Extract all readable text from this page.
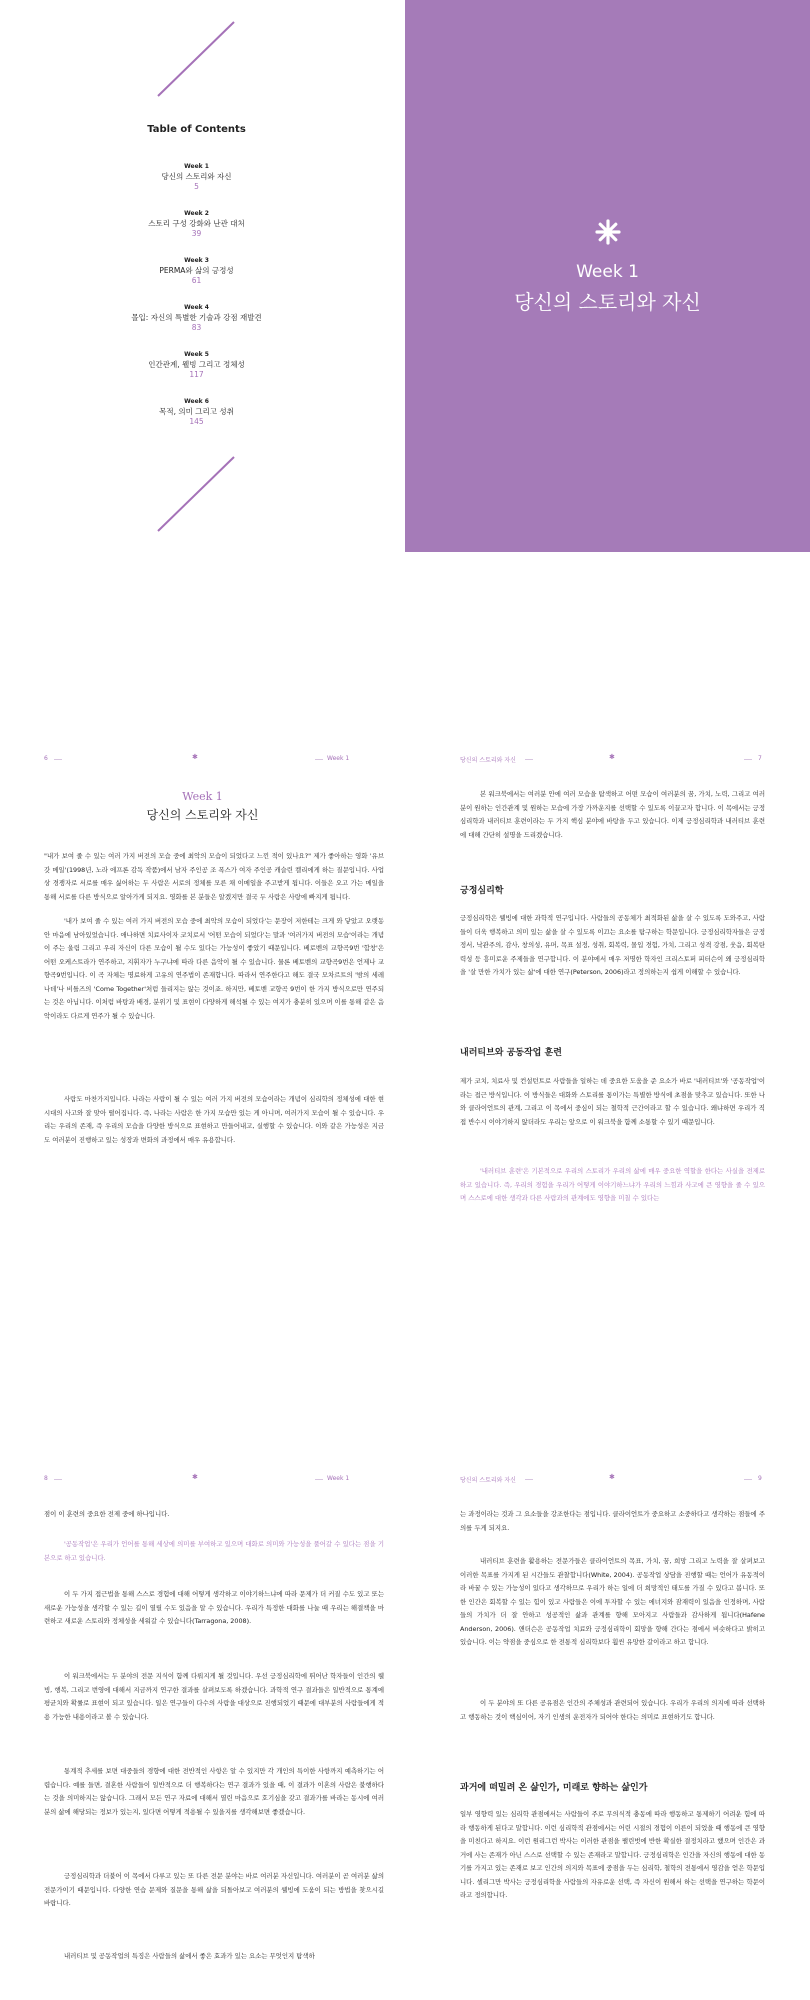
Table of Contents
Week 1
당신의 스토리와 자신
5
Week 2
스토리 구성 강화와 난관 대처
39
Week 3
PERMA와 삶의 긍정성
61
Week 4
몰입: 자신의 특별한 기술과 강점 재발견
83
Week 5
인간관계, 웰빙 그리고 정체성
117
Week 6
목적, 의미 그리고 성취
145
Week 1
당신의 스토리와 자신
6	✱	Week 1
Week 1
당신의 스토리와 자신

"내가 보여 줄 수 있는 여러 가지 버전의 모습 중에 최악의 모습이 되었다고 느낀 적이 있나요?" 제가 좋아하는 영화 '유브 갓 메일'(1998년, 노라 에프론 감독 작품)에서 남자 주인공 조 폭스가 여자 주인공 캐슬린 켈리에게 하는 질문입니다. 사업상 경쟁자로 서로를 매우 싫어하는 두 사람은 서로의 정체를 모른 채 이메일을 주고받게 됩니다. 이들은 오고 가는 메일을 통해 서로를 다른 방식으로 알아가게 되지요. 영화를 본 분들은 알겠지만 결국 두 사람은 사랑에 빠지게 됩니다.

'내가 보여 줄 수 있는 여러 가지 버전의 모습 중에 최악의 모습이 되었다'는 문장이 저한테는 크게 와 닿았고 오랫동안 마음에 남아있었습니다. 애나하면 치료사이자 코치로서 '어떤 모습이 되었다'는 말과 '여러가지 버전의 모습'이라는 개념이 주는 울림 그리고 우리 자신이 다른 모습이 될 수도 있다는 가능성이 좋았기 때문입니다. 베로벤의 교향곡9번 '합창'은 어떤 오케스트라가 연주하고, 지휘자가 누구냐에 따라 다른 음악이 될 수 있습니다. 물론 베토벤의 교향곡9번은 언제나 교향곡9번입니다. 이 곡 자체는 명료하게 고유의 연주법이 존재합니다. 따라서 연주한다고 해도 결국 모차르트의 '밤의 세레나데'나 비틀즈의 'Come Together'처럼 들리지는 않는 것이죠. 하지만, 베토벤 교향곡 9번이 한 가지 방식으로만 연주되는 것은 아닙니다. 이처럼 바탕과 배경, 분위기 및 표현이 다양하게 해석될 수 있는 여지가 충분히 있으며 이를 통해 같은 음악이라도 다르게 연주가 될 수 있습니다.

사람도 마찬가지입니다. 나라는 사람이 될 수 있는 여러 가지 버전의 모습이라는 개념이 심리학의 정체성에 대한 현 시대의 사고와 잘 맞아 떨어집니다. 즉, 나라는 사람은 한 가지 모습만 있는 게 아니며, 여러가지 모습이 될 수 있습니다. 우리는 우리의 존재, 즉 우리의 모습을 다양한 방식으로 표현하고 만들어내고, 실행할 수 있습니다. 이와 같은 가능성은 지금도 여러분이 진행하고 있는 성장과 변화의 과정에서 매우 유용합니다.

당신의 스토리와 자신	✱	7

본 워크북에서는 여러분 안에 여러 모습을 탐색하고 어떤 모습이 여러분의 꿈, 가치, 노력, 그리고 여러분이 원하는 인간관계 및 원하는 모습에 가장 가까운지를 선택할 수 있도록 이끌고자 합니다. 이 목에서는 긍정심리학과 내러티브 훈련이라는 두 가지 핵심 분야에 바탕을 두고 있습니다. 이제 긍정심리학과 내러티브 훈련에 대해 간단히 설명을 드리겠습니다.

긍정심리학

긍정심리학은 웰빙에 대한 과학적 연구입니다. 사람들의 공동체가 최적화된 삶을 살 수 있도록 도와주고, 사람들이 더욱 행복하고 의미 있는 삶을 살 수 있도록 이끄는 요소를 탐구하는 학문입니다. 긍정심리학자들은 긍정정서, 낙관주의, 감사, 창의성, 유머, 목표 설정, 성취, 회복력, 몰입 경험, 가치, 그리고 성격 강점, 웃음, 회복탄력성 등 흥미로운 주제들을 연구합니다. 이 분야에서 매우 저명한 학자인 크리스토퍼 피터슨이 왜 긍정심리학을 '살 만한 가치가 있는 삶'에 대한 연구(Peterson, 2006)라고 정의하는지 쉽게 이해할 수 있습니다.

내러티브와 공동작업 훈련

제가 코치, 치료사 및 컨설턴트로 사람들을 일하는 데 중요한 도움을 준 요소가 바로 '내러티브'와 '공동작업'이라는 접근 방식입니다. 이 방식들은 대화와 스토리를 통이가는 특별한 방식에 초점을 맞추고 있습니다. 또한 나와 클라이언트의 관계, 그리고 이 목에서 중심이 되는 철학적 근간이라고 할 수 있습니다. 왜냐하면 우리가 직접 반수시 이야기하지 않더라도 우리는 앞으로 이 워크북을 함께 소통할 수 있기 때문입니다.

'내러티브 훈련'은 기본적으로 우리의 스토리가 우리의 삶에 매우 중요한 역할을 한다는 사실을 전제로 하고 있습니다. 즉, 우리의 경험을 우리가 어떻게 이야기하느냐가 우리의 느낌과 사고에 큰 영향을 줄 수 있으며 스스로에 대한 생각과 다른 사람과의 관계에도 영향을 미칠 수 있다는

8	✱	Week 1

점이 이 훈련의 중요한 전제 중에 하나입니다.

'공동작업'은 우리가 언어를 통해 세상에 의미를 부여하고 있으며 대화로 의미와 가능성을 풀어갈 수 있다는 점을 기본으로 하고 있습니다.

이 두 가지 접근법을 통해 스스로 경험에 대해 어떻게 생각하고 이야기하느냐에 따라 문제가 더 커질 수도 있고 또는 새로운 가능성을 생각할 수 있는 길이 열릴 수도 있음을 알 수 있습니다. 우리가 특정한 대화를 나눌 때 우리는 해결책을 마련하고 새로운 스토리와 정체성을 세워갈 수 있습니다(Tarragona, 2008).

이 워크북에서는 두 분야의 전문 지식이 함께 다뤄지게 될 것입니다. 우선 긍정심리학에 뛰어난 학자들이 인간의 웰빙, 행복, 그리고 번영에 대해서 지금까지 연구한 결과를 살펴보도록 하겠습니다. 과학적 연구 결과들은 일반적으로 통계에 평균치와 확률로 표현이 되고 있습니다. 일은 연구들이 다수의 사람을 대상으로 진행되었기 때문에 대부분의 사람들에게 적용 가능한 내용이라고 볼 수 있습니다.

통계적 추세를 보면 대중들의 경향에 대한 전반적인 사항은 알 수 있지만 각 개인의 특이한 사항까지 예측하기는 어렵습니다. 예를 들면, 결혼한 사람들이 일반적으로 더 행복하다는 연구 결과가 있을 때, 이 결과가 이혼의 사람은 불행하다는 것을 의미하지는 않습니다. 그래서 모든 연구 자료에 대해서 열린 마음으로 호기심을 갖고 결과가를 바라는 동시에 여러분의 삶에 해당되는 정보가 있는지, 있다면 어떻게 적용될 수 있을지를 생각해보면 좋겠습니다.

긍정심리학과 더불어 이 목에서 다루고 있는 또 다른 전문 분야는 바로 여러분 자신입니다. 여러분이 곧 여러분 삶의 전문가이기 때문입니다. 다양한 연습 문제와 질문을 통해 삶을 되돌아보고 여러분의 웰빙에 도움이 되는 방법을 찾으시길 바랍니다.

내러티브 및 공동작업의 특징은 사람들의 삶에서 좋은 효과가 있는 요소는 무엇인지 탐색하

당신의 스토리와 자신	✱	9

는 과정이라는 것과 그 요소들을 강조한다는 점입니다. 클라이언트가 중요하고 소중하다고 생각하는 점들에 주의를 두게 되지요.

내러티브 훈련을 활용하는 전문가들은 클라이언트의 목표, 가치, 꿈, 희망 그리고 노력을 잘 살펴보고 이러한 목표를 가지게 된 시간들도 관찰합니다(White, 2004). 공동작업 상담을 진행할 때는 언어가 유동적이라 바꿀 수 있는 가능성이 있다고 생각하므로 우리가 하는 일에 더 희망적인 태도를 가질 수 있다고 봅니다. 또한 인간은 회복할 수 있는 힘이 있고 사람들은 이에 투자할 수 있는 에너지와 잠재력이 있음을 인정하며, 사람들의 가치가 더 잘 안하고 성공적인 삶과 관계를 향해 모아지고 사람들과 감사하게 됩니다(Hafene Anderson, 2006). 앤더슨은 공동작업 치료와 긍정심리학이 회망을 향해 간다는 점에서 비슷하다고 밝히고 있습니다. 이는 약점을 중심으로 한 전통적 심리학보다 훨씬 유망한 갈이라고 하고 합니다.

이 두 분야의 또 다른 공유점은 인간의 주체성과 관련되어 있습니다. 우리가 우리의 의지에 따라 선택하고 행동하는 것이 핵심이어, 자기 인생의 운전자가 되어야 한다는 의미로 표현하기도 합니다.

과거에 떠밀려 온 삶인가, 미래로 향하는 삶인가

일부 영향력 있는 심리학 관점에서는 사람들이 주로 무의식적 충동에 따라 행동하고 통제하기 어려운 힘에 따라 행동하게 된다고 말합니다. 이런 심리학적 관점에서는 어린 시절의 경험이 이른이 되었을 때 행동에 큰 영향을 미친다고 하지요. 이런 원리그런 박사는 이러한 관점을 팰린벗에 반한 확실한 결정치라고 했으며 인간은 과거에 사는 존재가 아닌 스스로 선택할 수 있는 존재라고 말합니다. 긍정심리학은 인간을 자신의 행동에 대한 동기를 가지고 있는 존재로 보고 인간의 의지와 목표에 중점을 두는 심리학, 철학의 전통에서 영감을 얻은 학문입니다. 셀리그만 박사는 긍정심리학을 사람들의 자유로운 선택, 즉 자신이 원해서 하는 선택을 연구하는 학문이라고 정의합니다.
